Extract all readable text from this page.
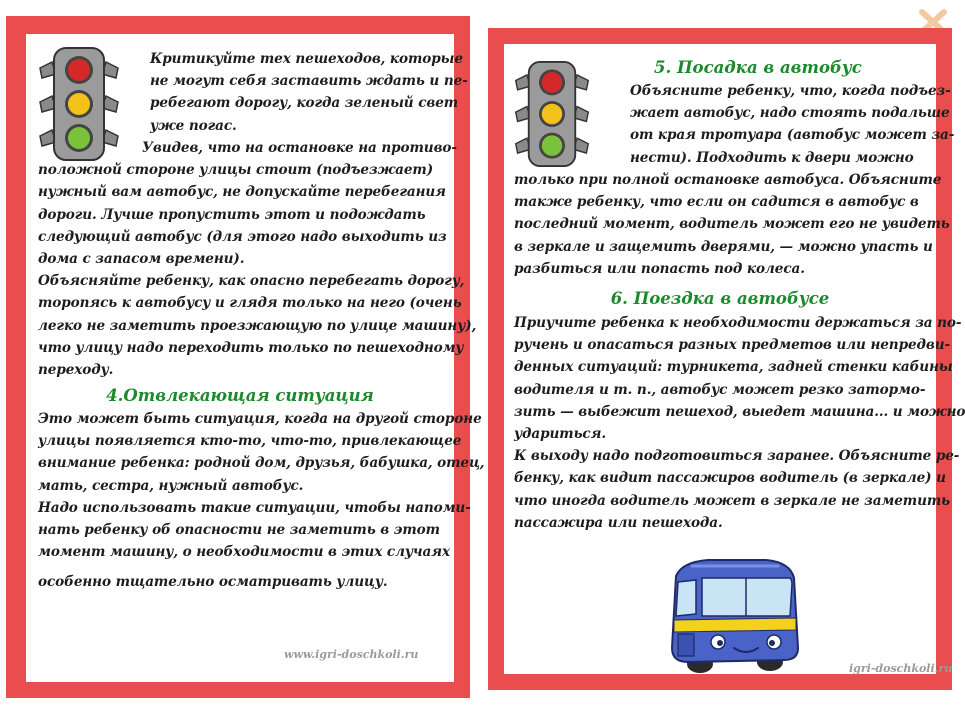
Критикуйте тех пешеходов, которые

не могут себя заставить ждать и пе-

ребегают дорогу, когда зеленый свет

уже погас.

Увидев, что на остановке на противо-

положной стороне улицы стоит (подъезжает)

нужный вам автобус, не допускайте перебегания

дороги. Лучше пропустить этот и подождать

следующий автобус (для этого надо выходить из

дома с запасом времени).

Объясняйте ребенку, как опасно перебегать дорогу,

торопясь к автобусу и глядя только на него (очень

легко не заметить проезжающую по улице машину),

что улицу надо переходить только по пешеходному

переходу.

4.Отвлекающая ситуация

Это может быть ситуация, когда на другой стороне

улицы появляется кто-то, что-то, привлекающее

внимание ребенка: родной дом, друзья, бабушка, отец,

мать, сестра, нужный автобус.

Надо использовать такие ситуации, чтобы напоми-

нать ребенку об опасности не заметить в этот

момент машину, о необходимости в этих случаях

особенно тщательно осматривать улицу.

www.igri-doschkoli.ru
5. Посадка в автобус

Объясните ребенку, что, когда подъез-

жает автобус, надо стоять подальше

от края тротуара (автобус может за-

нести). Подходить к двери можно

только при полной остановке автобуса. Объясните

также ребенку, что если он садится в автобус в

последний момент, водитель может его не увидеть

в зеркале и защемить дверями, — можно упасть и

разбиться или попасть под колеса.

6. Поездка в автобусе

Приучите ребенка к необходимости держаться за по-

ручень и опасаться разных предметов или непредви-

денных ситуаций: турникета, задней стенки кабины

водителя и т. п., автобус может резко затормо-

зить — выбежит пешеход, выедет машина... и можно

удариться.

К выходу надо подготовиться заранее. Объясните ре-

бенку, как видит пассажиров водитель (в зеркале) и

что иногда водитель может в зеркале не заметить

пассажира или пешехода.

igri-doschkoli.ru
